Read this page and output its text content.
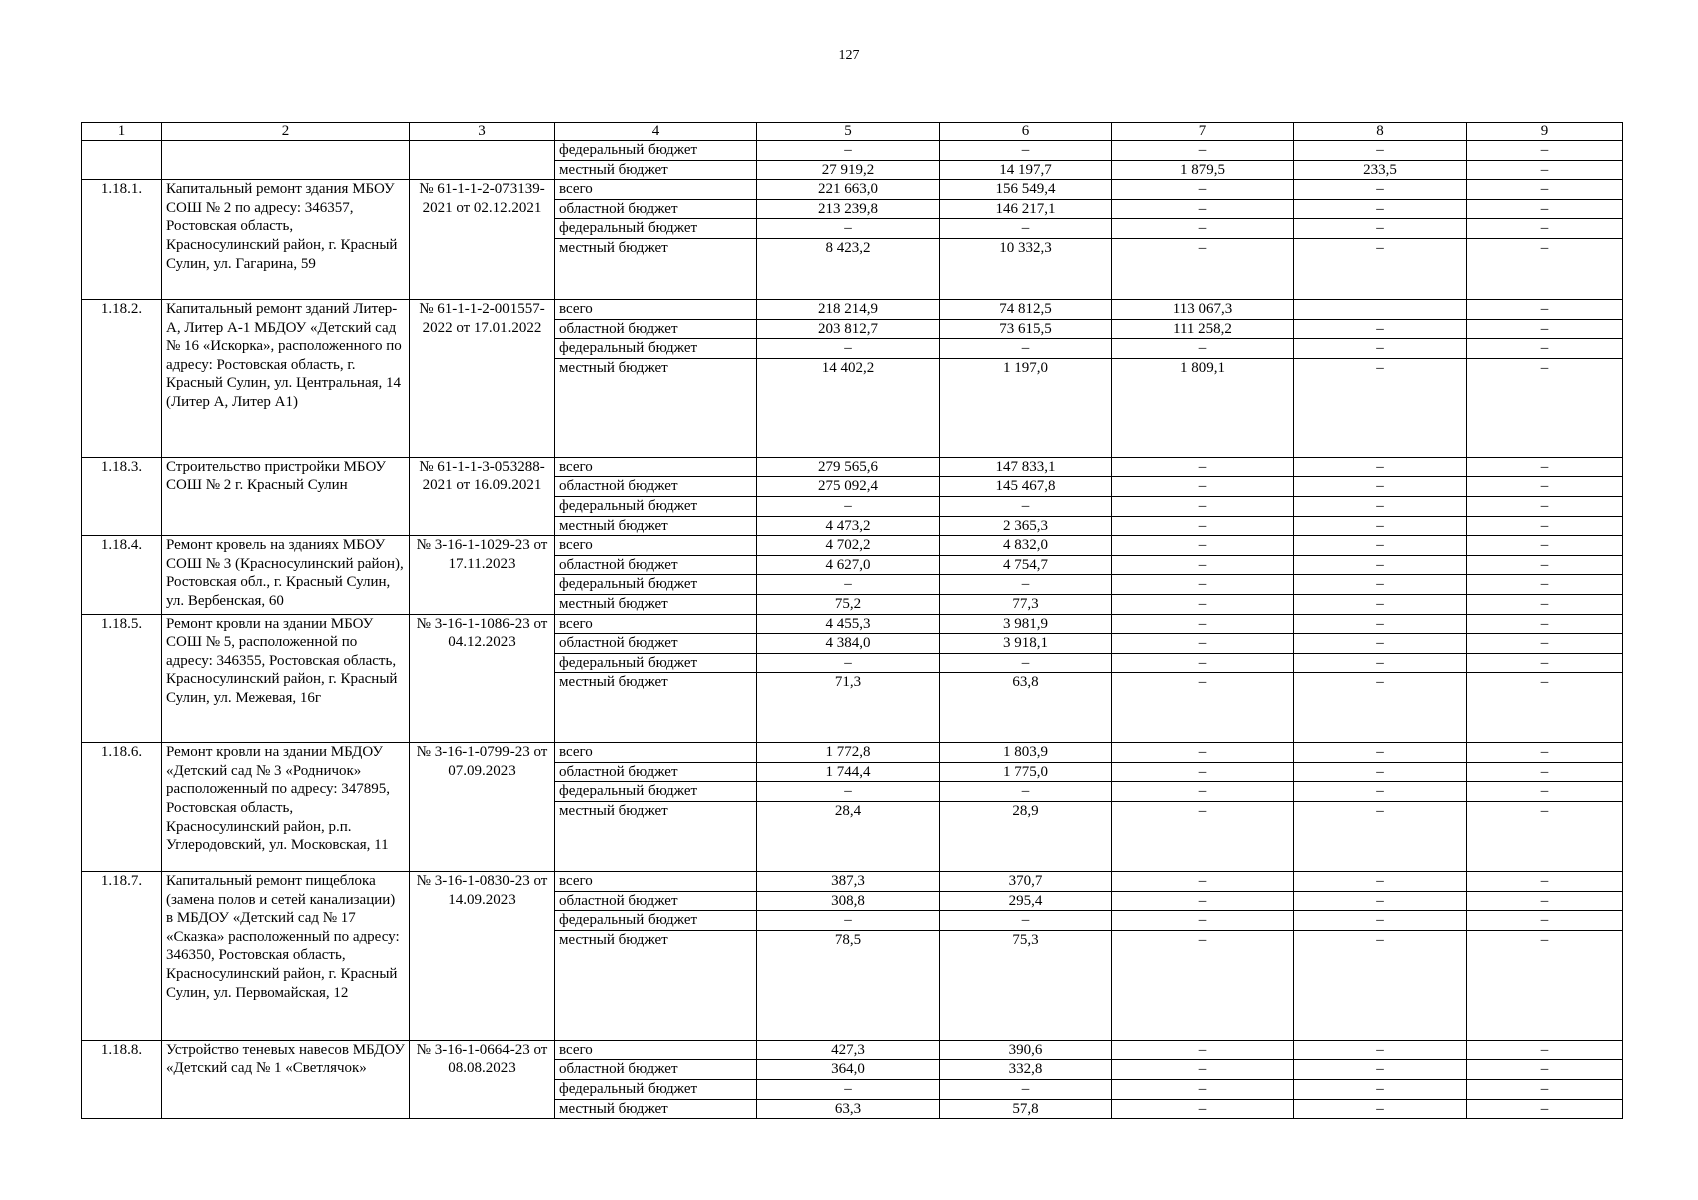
127
1	2	3	4	5	6	7	8	9
			федеральный бюджет	–	–	–	–	–
			местный бюджет	27 919,2	14 197,7	1 879,5	233,5	–
1.18.1.	Капитальный ремонт здания МБОУ СОШ № 2 по адресу: 346357, Ростовская область, Красносулинский район, г. Красный Сулин, ул. Гагарина, 59	№ 61-1-1-2-073139-2021 от 02.12.2021	всего	221 663,0	156 549,4	–	–	–
			областной бюджет	213 239,8	146 217,1	–	–	–
			федеральный бюджет	–	–	–	–	–
			местный бюджет	8 423,2	10 332,3	–	–	–
1.18.2.	Капитальный ремонт зданий Литер-А, Литер А-1 МБДОУ «Детский сад № 16 «Искорка», расположенного по адресу: Ростовская область, г. Красный Сулин, ул. Центральная, 14 (Литер А, Литер А1)	№ 61-1-1-2-001557-2022 от 17.01.2022	всего	218 214,9	74 812,5	113 067,3		–
			областной бюджет	203 812,7	73 615,5	111 258,2	–	–
			федеральный бюджет	–	–	–	–	–
			местный бюджет	14 402,2	1 197,0	1 809,1	–	–
1.18.3.	Строительство пристройки МБОУ СОШ № 2 г. Красный Сулин	№ 61-1-1-3-053288-2021 от 16.09.2021	всего	279 565,6	147 833,1	–	–	–
			областной бюджет	275 092,4	145 467,8	–	–	–
			федеральный бюджет	–	–	–	–	–
			местный бюджет	4 473,2	2 365,3	–	–	–
1.18.4.	Ремонт кровель на зданиях МБОУ СОШ № 3 (Красносулинский район), Ростовская обл., г. Красный Сулин, ул. Вербенская, 60	№ 3-16-1-1029-23 от 17.11.2023	всего	4 702,2	4 832,0	–	–	–
			областной бюджет	4 627,0	4 754,7	–	–	–
			федеральный бюджет	–	–	–	–	–
			местный бюджет	75,2	77,3	–	–	–
1.18.5.	Ремонт кровли на здании МБОУ СОШ № 5, расположенной по адресу: 346355, Ростовская область, Красносулинский район, г. Красный Сулин, ул. Межевая, 16г	№ 3-16-1-1086-23 от 04.12.2023	всего	4 455,3	3 981,9	–	–	–
			областной бюджет	4 384,0	3 918,1	–	–	–
			федеральный бюджет	–	–	–	–	–
			местный бюджет	71,3	63,8	–	–	–
1.18.6.	Ремонт кровли на здании МБДОУ «Детский сад № 3 «Родничок» расположенный по адресу: 347895, Ростовская область, Красносулинский район, р.п. Углеродовский, ул. Московская, 11	№ 3-16-1-0799-23 от 07.09.2023	всего	1 772,8	1 803,9	–	–	–
			областной бюджет	1 744,4	1 775,0	–	–	–
			федеральный бюджет	–	–	–	–	–
			местный бюджет	28,4	28,9	–	–	–
1.18.7.	Капитальный ремонт пищеблока (замена полов и сетей канализации) в МБДОУ «Детский сад № 17 «Сказка» расположенный по адресу: 346350, Ростовская область, Красносулинский район, г. Красный Сулин, ул. Первомайская, 12	№ 3-16-1-0830-23 от 14.09.2023	всего	387,3	370,7	–	–	–
			областной бюджет	308,8	295,4	–	–	–
			федеральный бюджет	–	–	–	–	–
			местный бюджет	78,5	75,3	–	–	–
1.18.8.	Устройство теневых навесов МБДОУ «Детский сад № 1 «Светлячок»	№ 3-16-1-0664-23 от 08.08.2023	всего	427,3	390,6	–	–	–
			областной бюджет	364,0	332,8	–	–	–
			федеральный бюджет	–	–	–	–	–
			местный бюджет	63,3	57,8	–	–	–
